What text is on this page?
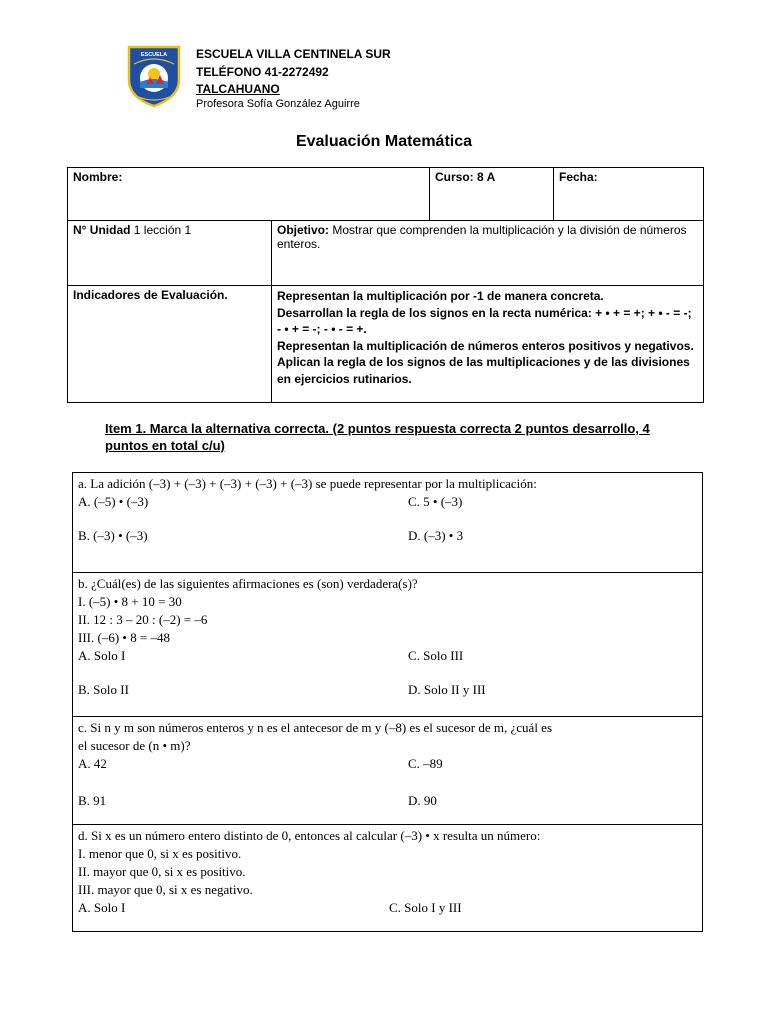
ESCUELA ESCUELA VILLA CENTINELA SUR
TELÉFONO 41-2272492
TALCAHUANO
Profesora Sofía González Aguirre
Evaluación Matemática
Nombre:		Curso: 8 A	Fecha:
N° Unidad 1 lección 1	Objetivo: Mostrar que comprenden la multiplicación y la división de números enteros.		
Indicadores de Evaluación.	Representan la multiplicación por -1 de manera concreta.
Desarrollan la regla de los signos en la recta numérica: + • + = +; + • - = -; - • + = -; - • - = +.
Representan la multiplicación de números enteros positivos y negativos.
Aplican la regla de los signos de las multiplicaciones y de las divisiones en ejercicios rutinarios.		
Item 1. Marca la alternativa correcta. (2 puntos respuesta correcta 2 puntos desarrollo, 4 puntos en total c/u)
a. La adición (–3) + (–3) + (–3) + (–3) + (–3) se puede representar por la multiplicación:
A. (–5) • (–3)	C. 5 • (–3)
B. (–3) • (–3)	D. (–3) • 3
b. ¿Cuál(es) de las siguientes afirmaciones es (son) verdadera(s)?
I. (–5) • 8 + 10 = 30
II. 12 : 3 – 20 : (–2) = –6
III. (–6) • 8 = –48
A. Solo I	C. Solo III
B. Solo II	D. Solo II y III
c. Si n y m son números enteros y n es el antecesor de m y (–8) es el sucesor de m, ¿cuál es
el sucesor de (n • m)?
A. 42	C. –89
B. 91	D. 90
d. Si x es un número entero distinto de 0, entonces al calcular (–3) • x resulta un número:
I. menor que 0, si x es positivo.
II. mayor que 0, si x es positivo.
III. mayor que 0, si x es negativo.
A. Solo I	C. Solo I y III
